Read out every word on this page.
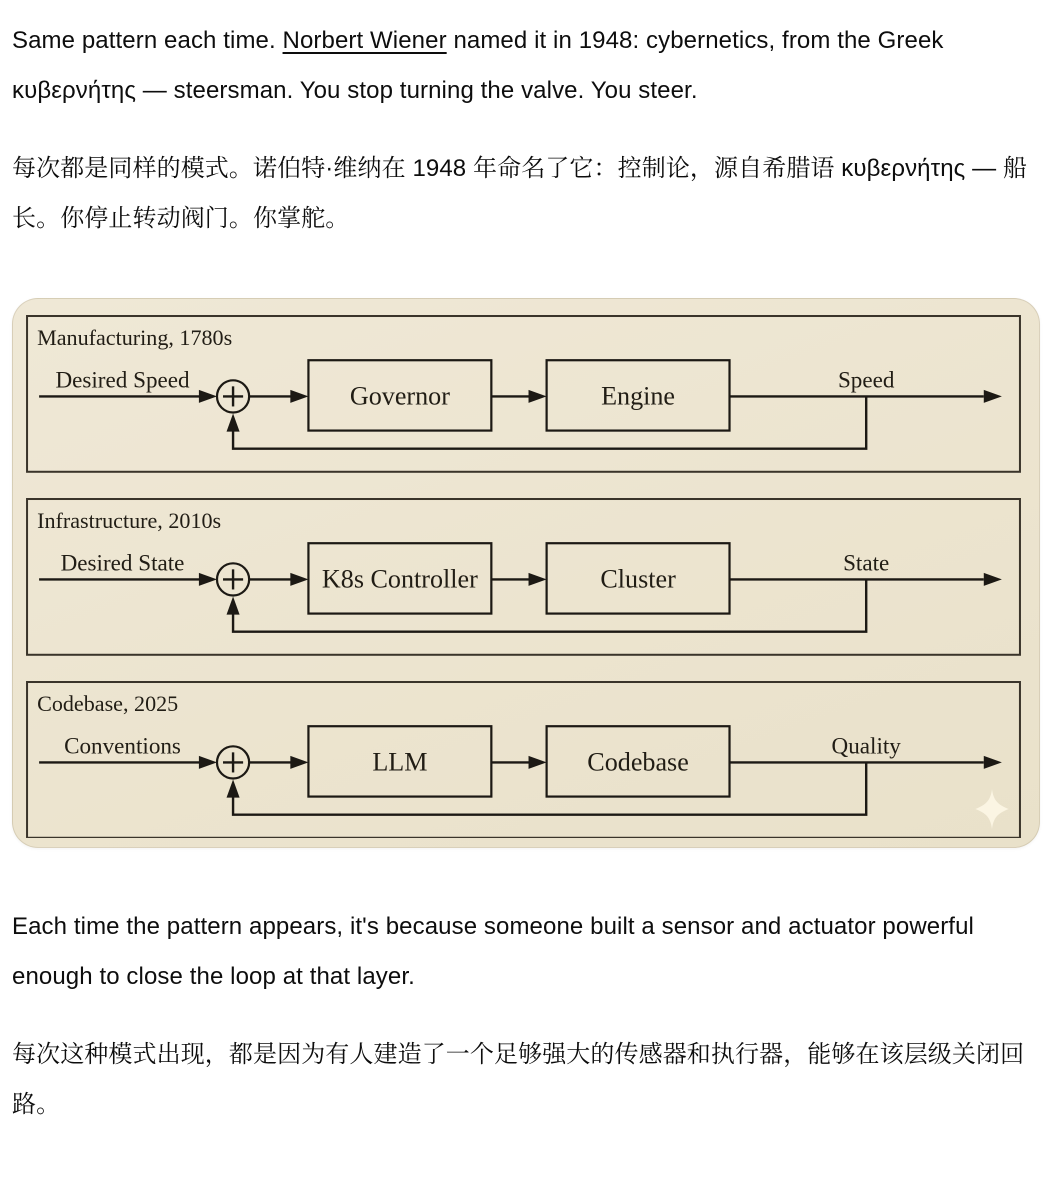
Same pattern each time. Norbert Wiener named it in 1948: cybernetics, from the Greek κυβερνήτης — steersman. You stop turning the valve. You steer.

每次都是同样的模式。诺伯特·维纳在 1948 年命名了它：控制论，源自希腊语 κυβερνήτης — 船长。你停止转动阀门。你掌舵。

Manufacturing, 1780s
Desired Speed	Speed
Governor	Engine
Infrastructure, 2010s
Desired State	State
K8s Controller	Cluster
Codebase, 2025
Conventions	Quality
LLM	Codebase

Each time the pattern appears, it's because someone built a sensor and actuator powerful enough to close the loop at that layer.

每次这种模式出现，都是因为有人建造了一个足够强大的传感器和执行器，能够在该层级关闭回路。
